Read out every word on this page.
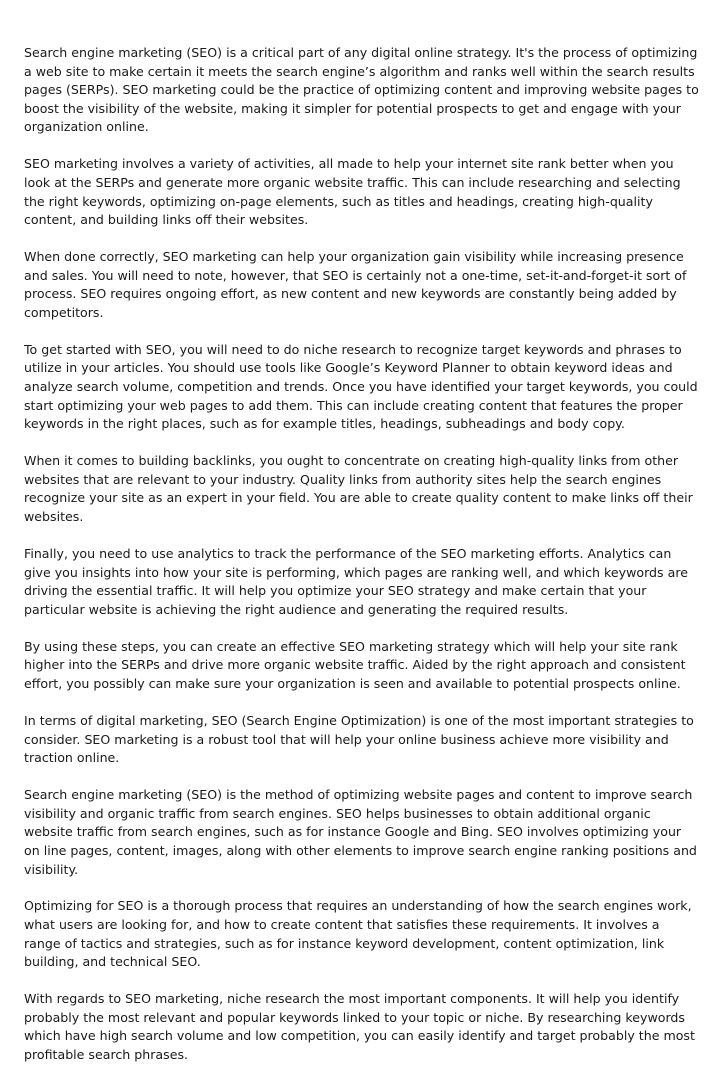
Search engine marketing (SEO) is a critical part of any digital online strategy. It's the process of optimizing a web site to make certain it meets the search engine’s algorithm and ranks well within the search results pages (SERPs). SEO marketing could be the practice of optimizing content and improving website pages to boost the visibility of the website, making it simpler for potential prospects to get and engage with your organization online.

SEO marketing involves a variety of activities, all made to help your internet site rank better when you look at the SERPs and generate more organic website traffic. This can include researching and selecting the right keywords, optimizing on-page elements, such as titles and headings, creating high-quality content, and building links off their websites.

When done correctly, SEO marketing can help your organization gain visibility while increasing presence and sales. You will need to note, however, that SEO is certainly not a one-time, set-it-and-forget-it sort of process. SEO requires ongoing effort, as new content and new keywords are constantly being added by competitors.

To get started with SEO, you will need to do niche research to recognize target keywords and phrases to utilize in your articles. You should use tools like Google’s Keyword Planner to obtain keyword ideas and analyze search volume, competition and trends. Once you have identified your target keywords, you could start optimizing your web pages to add them. This can include creating content that features the proper keywords in the right places, such as for example titles, headings, subheadings and body copy.

When it comes to building backlinks, you ought to concentrate on creating high-quality links from other websites that are relevant to your industry. Quality links from authority sites help the search engines recognize your site as an expert in your field. You are able to create quality content to make links off their websites.

Finally, you need to use analytics to track the performance of the SEO marketing efforts. Analytics can give you insights into how your site is performing, which pages are ranking well, and which keywords are driving the essential traffic. It will help you optimize your SEO strategy and make certain that your particular website is achieving the right audience and generating the required results.

By using these steps, you can create an effective SEO marketing strategy which will help your site rank higher into the SERPs and drive more organic website traffic. Aided by the right approach and consistent effort, you possibly can make sure your organization is seen and available to potential prospects online.

In terms of digital marketing, SEO (Search Engine Optimization) is one of the most important strategies to consider. SEO marketing is a robust tool that will help your online business achieve more visibility and traction online.

Search engine marketing (SEO) is the method of optimizing website pages and content to improve search visibility and organic traffic from search engines. SEO helps businesses to obtain additional organic website traffic from search engines, such as for instance Google and Bing. SEO involves optimizing your on line pages, content, images, along with other elements to improve search engine ranking positions and visibility.

Optimizing for SEO is a thorough process that requires an understanding of how the search engines work, what users are looking for, and how to create content that satisfies these requirements. It involves a range of tactics and strategies, such as for instance keyword development, content optimization, link building, and technical SEO.

With regards to SEO marketing, niche research the most important components. It will help you identify probably the most relevant and popular keywords linked to your topic or niche. By researching keywords which have high search volume and low competition, you can easily identify and target probably the most profitable search phrases.
